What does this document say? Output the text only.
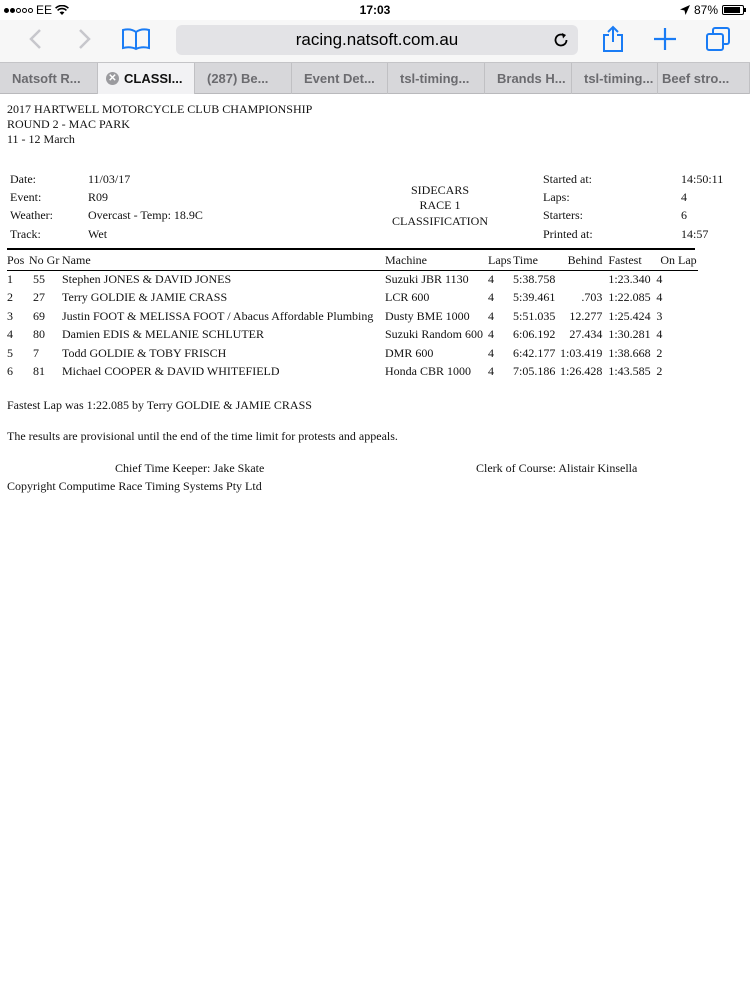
EE	17:03	87%
racing.natsoft.com.au
Natsoft R...	✕ CLASSI...	(287) Be...	Event Det...	tsl-timing...	Brands H...	tsl-timing... Beef stro...
2017 HARTWELL MOTORCYCLE CLUB CHAMPIONSHIP
ROUND 2 - MAC PARK
11 - 12 March
Date:	11/03/17
Event:	R09
Weather:	Overcast - Temp: 18.9C
Track:	Wet
SIDECARS
RACE 1
CLASSIFICATION
Started at:	14:50:11
Laps:	4
Starters:	6
Printed at:	14:57
Pos	No Gr	Name	Machine	Laps	Time	Behind	Fastest	On Lap
1	55	Stephen JONES & DAVID JONES	Suzuki JBR 1130	4	5:38.758		1:23.340	4
2	27	Terry GOLDIE & JAMIE CRASS	LCR 600	4	5:39.461	.703	1:22.085	4
3	69	Justin FOOT & MELISSA FOOT / Abacus Affordable Plumbing	Dusty BME 1000	4	5:51.035	12.277	1:25.424	3
4	80	Damien EDIS & MELANIE SCHLUTER	Suzuki Random 600	4	6:06.192	27.434	1:30.281	4
5	7	Todd GOLDIE & TOBY FRISCH	DMR 600	4	6:42.177	1:03.419	1:38.668	2
6	81	Michael COOPER & DAVID WHITEFIELD	Honda CBR 1000	4	7:05.186	1:26.428	1:43.585	2
Fastest Lap was 1:22.085 by Terry GOLDIE & JAMIE CRASS
The results are provisional until the end of the time limit for protests and appeals.
Chief Time Keeper: Jake Skate	Clerk of Course: Alistair Kinsella
Copyright Computime Race Timing Systems Pty Ltd
